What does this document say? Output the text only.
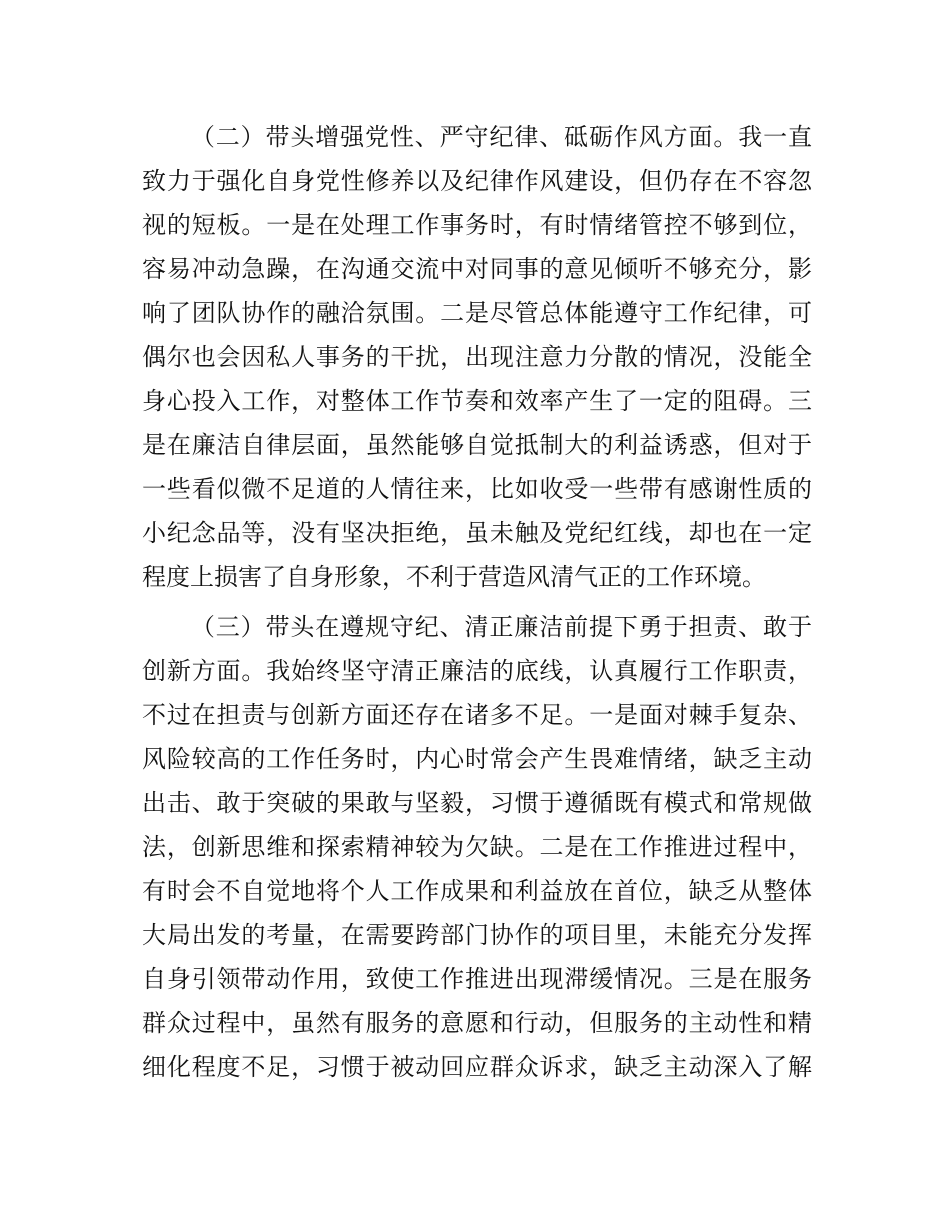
（二）带头增强党性、严守纪律、砥砺作风方面。我一直
致力于强化自身党性修养以及纪律作风建设，但仍存在不容忽
视的短板。一是在处理工作事务时，有时情绪管控不够到位，
容易冲动急躁，在沟通交流中对同事的意见倾听不够充分，影
响了团队协作的融洽氛围。二是尽管总体能遵守工作纪律，可
偶尔也会因私人事务的干扰，出现注意力分散的情况，没能全
身心投入工作，对整体工作节奏和效率产生了一定的阻碍。三
是在廉洁自律层面，虽然能够自觉抵制大的利益诱惑，但对于
一些看似微不足道的人情往来，比如收受一些带有感谢性质的
小纪念品等，没有坚决拒绝，虽未触及党纪红线，却也在一定
程度上损害了自身形象，不利于营造风清气正的工作环境。
（三）带头在遵规守纪、清正廉洁前提下勇于担责、敢于
创新方面。我始终坚守清正廉洁的底线，认真履行工作职责，
不过在担责与创新方面还存在诸多不足。一是面对棘手复杂、
风险较高的工作任务时，内心时常会产生畏难情绪，缺乏主动
出击、敢于突破的果敢与坚毅，习惯于遵循既有模式和常规做
法，创新思维和探索精神较为欠缺。二是在工作推进过程中，
有时会不自觉地将个人工作成果和利益放在首位，缺乏从整体
大局出发的考量，在需要跨部门协作的项目里，未能充分发挥
自身引领带动作用，致使工作推进出现滞缓情况。三是在服务
群众过程中，虽然有服务的意愿和行动，但服务的主动性和精
细化程度不足，习惯于被动回应群众诉求，缺乏主动深入了解
